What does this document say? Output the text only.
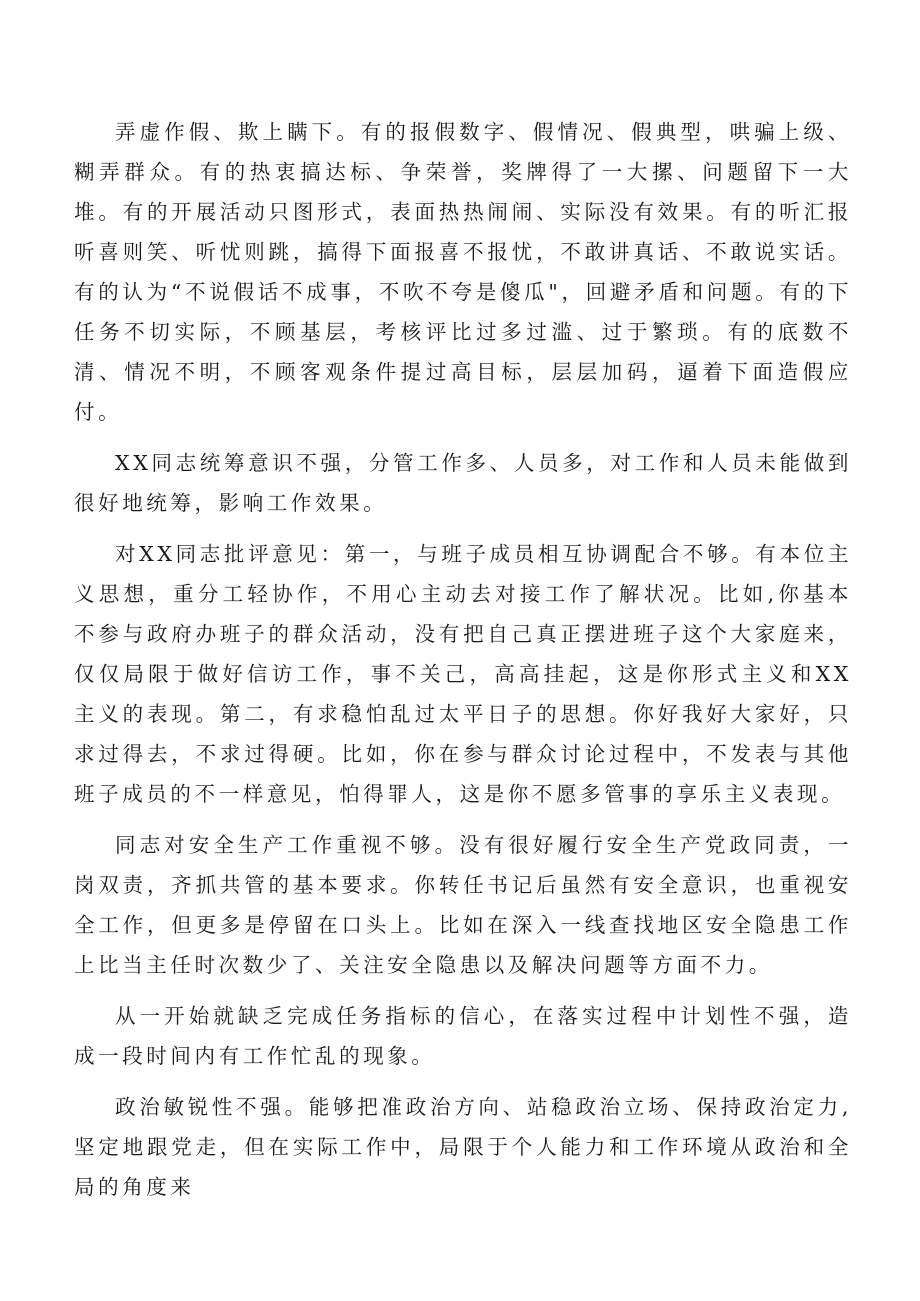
弄虚作假、欺上瞒下。有的报假数字、假情况、假典型，哄骗上级、糊弄群众。有的热衷搞达标、争荣誉，奖牌得了一大摞、问题留下一大堆。有的开展活动只图形式，表面热热闹闹、实际没有效果。有的听汇报听喜则笑、听忧则跳，搞得下面报喜不报忧，不敢讲真话、不敢说实话。有的认为“不说假话不成事，不吹不夸是傻瓜"，回避矛盾和问题。有的下任务不切实际，不顾基层，考核评比过多过滥、过于繁琐。有的底数不清、情况不明，不顾客观条件提过高目标，层层加码，逼着下面造假应付。

XX同志统筹意识不强，分管工作多、人员多，对工作和人员未能做到很好地统筹，影响工作效果。

对XX同志批评意见：第一，与班子成员相互协调配合不够。有本位主义思想，重分工轻协作，不用心主动去对接工作了解状况。比如,你基本不参与政府办班子的群众活动，没有把自己真正摆进班子这个大家庭来，仅仅局限于做好信访工作，事不关己，高高挂起，这是你形式主义和XX主义的表现。第二，有求稳怕乱过太平日子的思想。你好我好大家好，只求过得去，不求过得硬。比如，你在参与群众讨论过程中，不发表与其他班子成员的不一样意见，怕得罪人，这是你不愿多管事的享乐主义表现。

同志对安全生产工作重视不够。没有很好履行安全生产党政同责，一岗双责，齐抓共管的基本要求。你转任书记后虽然有安全意识，也重视安全工作，但更多是停留在口头上。比如在深入一线查找地区安全隐患工作上比当主任时次数少了、关注安全隐患以及解决问题等方面不力。

从一开始就缺乏完成任务指标的信心，在落实过程中计划性不强，造成一段时间内有工作忙乱的现象。

政治敏锐性不强。能够把准政治方向、站稳政治立场、保持政治定力,坚定地跟党走，但在实际工作中，局限于个人能力和工作环境从政治和全局的角度来
